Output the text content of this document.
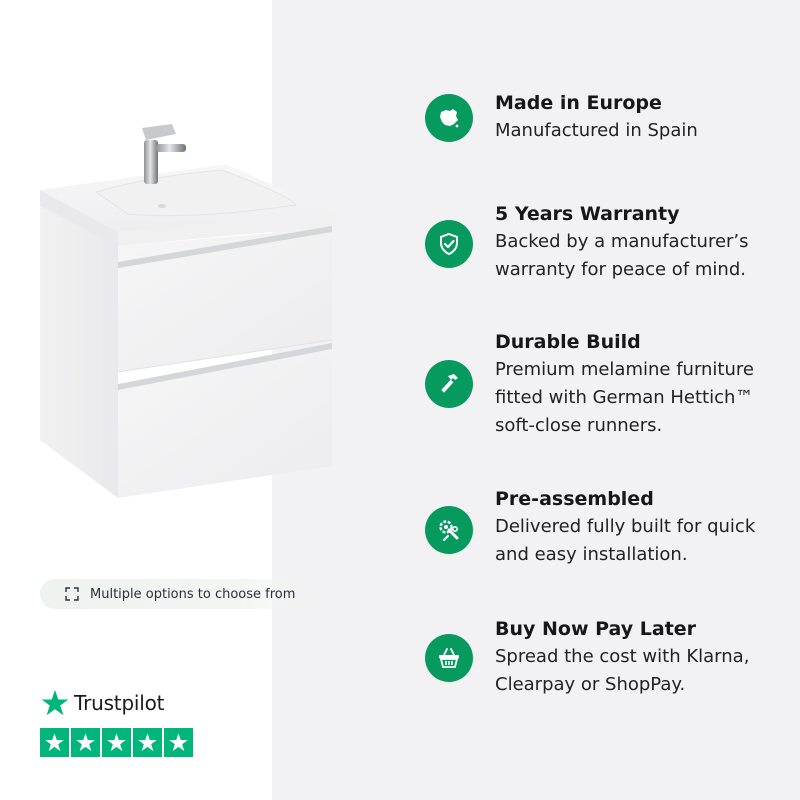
Multiple options to choose from
Trustpilot
Made in Europe
Manufactured in Spain
5 Years Warranty
Backed by a manufacturer’s
warranty for peace of mind.
Durable Build
Premium melamine furniture
fitted with German Hettich™
soft-close runners.
Pre-assembled
Delivered fully built for quick
and easy installation.
Buy Now Pay Later
Spread the cost with Klarna,
Clearpay or ShopPay.
